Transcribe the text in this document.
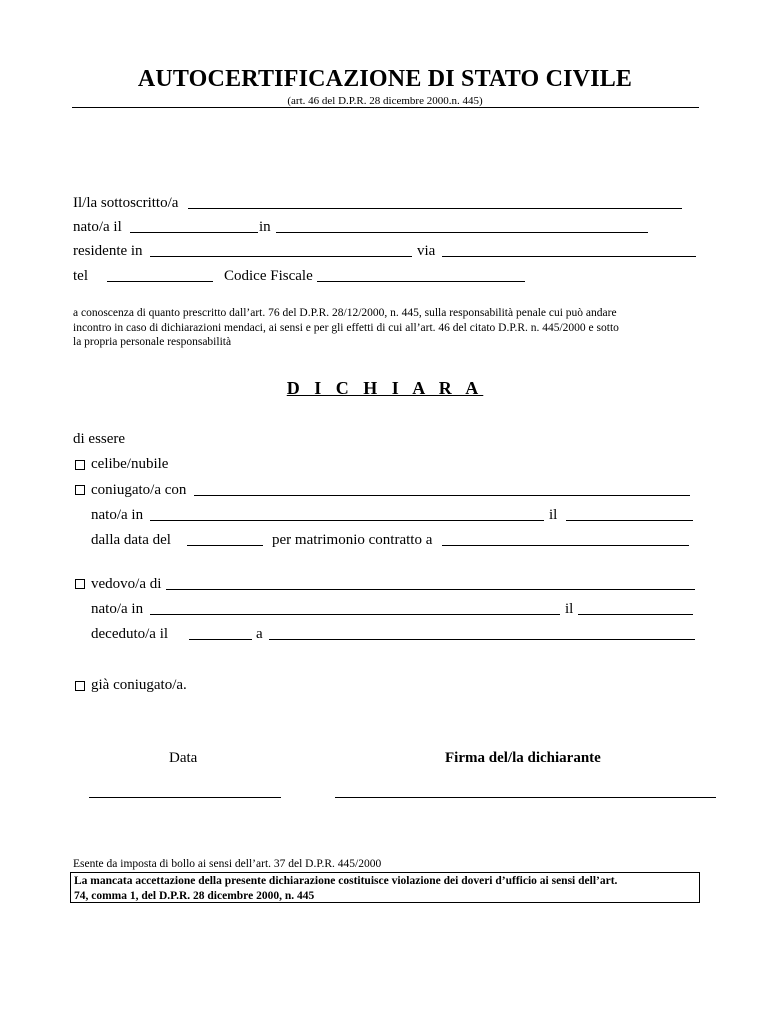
AUTOCERTIFICAZIONE DI STATO CIVILE
(art. 46 del D.P.R. 28 dicembre 2000.n. 445)
Il/la sottoscritto/a
nato/a il	in
residente in	via
tel	Codice Fiscale
a conoscenza di quanto prescritto dall’art. 76 del D.P.R. 28/12/2000, n. 445, sulla responsabilità penale cui può andare
incontro in caso di dichiarazioni mendaci, ai sensi e per gli effetti di cui all’art. 46 del citato D.P.R. n. 445/2000 e sotto
la propria personale responsabilità
D I C H I A R A
di essere
celibe/nubile
coniugato/a con
nato/a in	il
dalla data del	per matrimonio contratto a
vedovo/a di
nato/a in	il
deceduto/a il	a
già coniugato/a.
Data	Firma del/la dichiarante
Esente da imposta di bollo ai sensi dell’art. 37 del D.P.R. 445/2000
La mancata accettazione della presente dichiarazione costituisce violazione dei doveri d’ufficio ai sensi dell’art.
74, comma 1, del D.P.R. 28 dicembre 2000, n. 445
